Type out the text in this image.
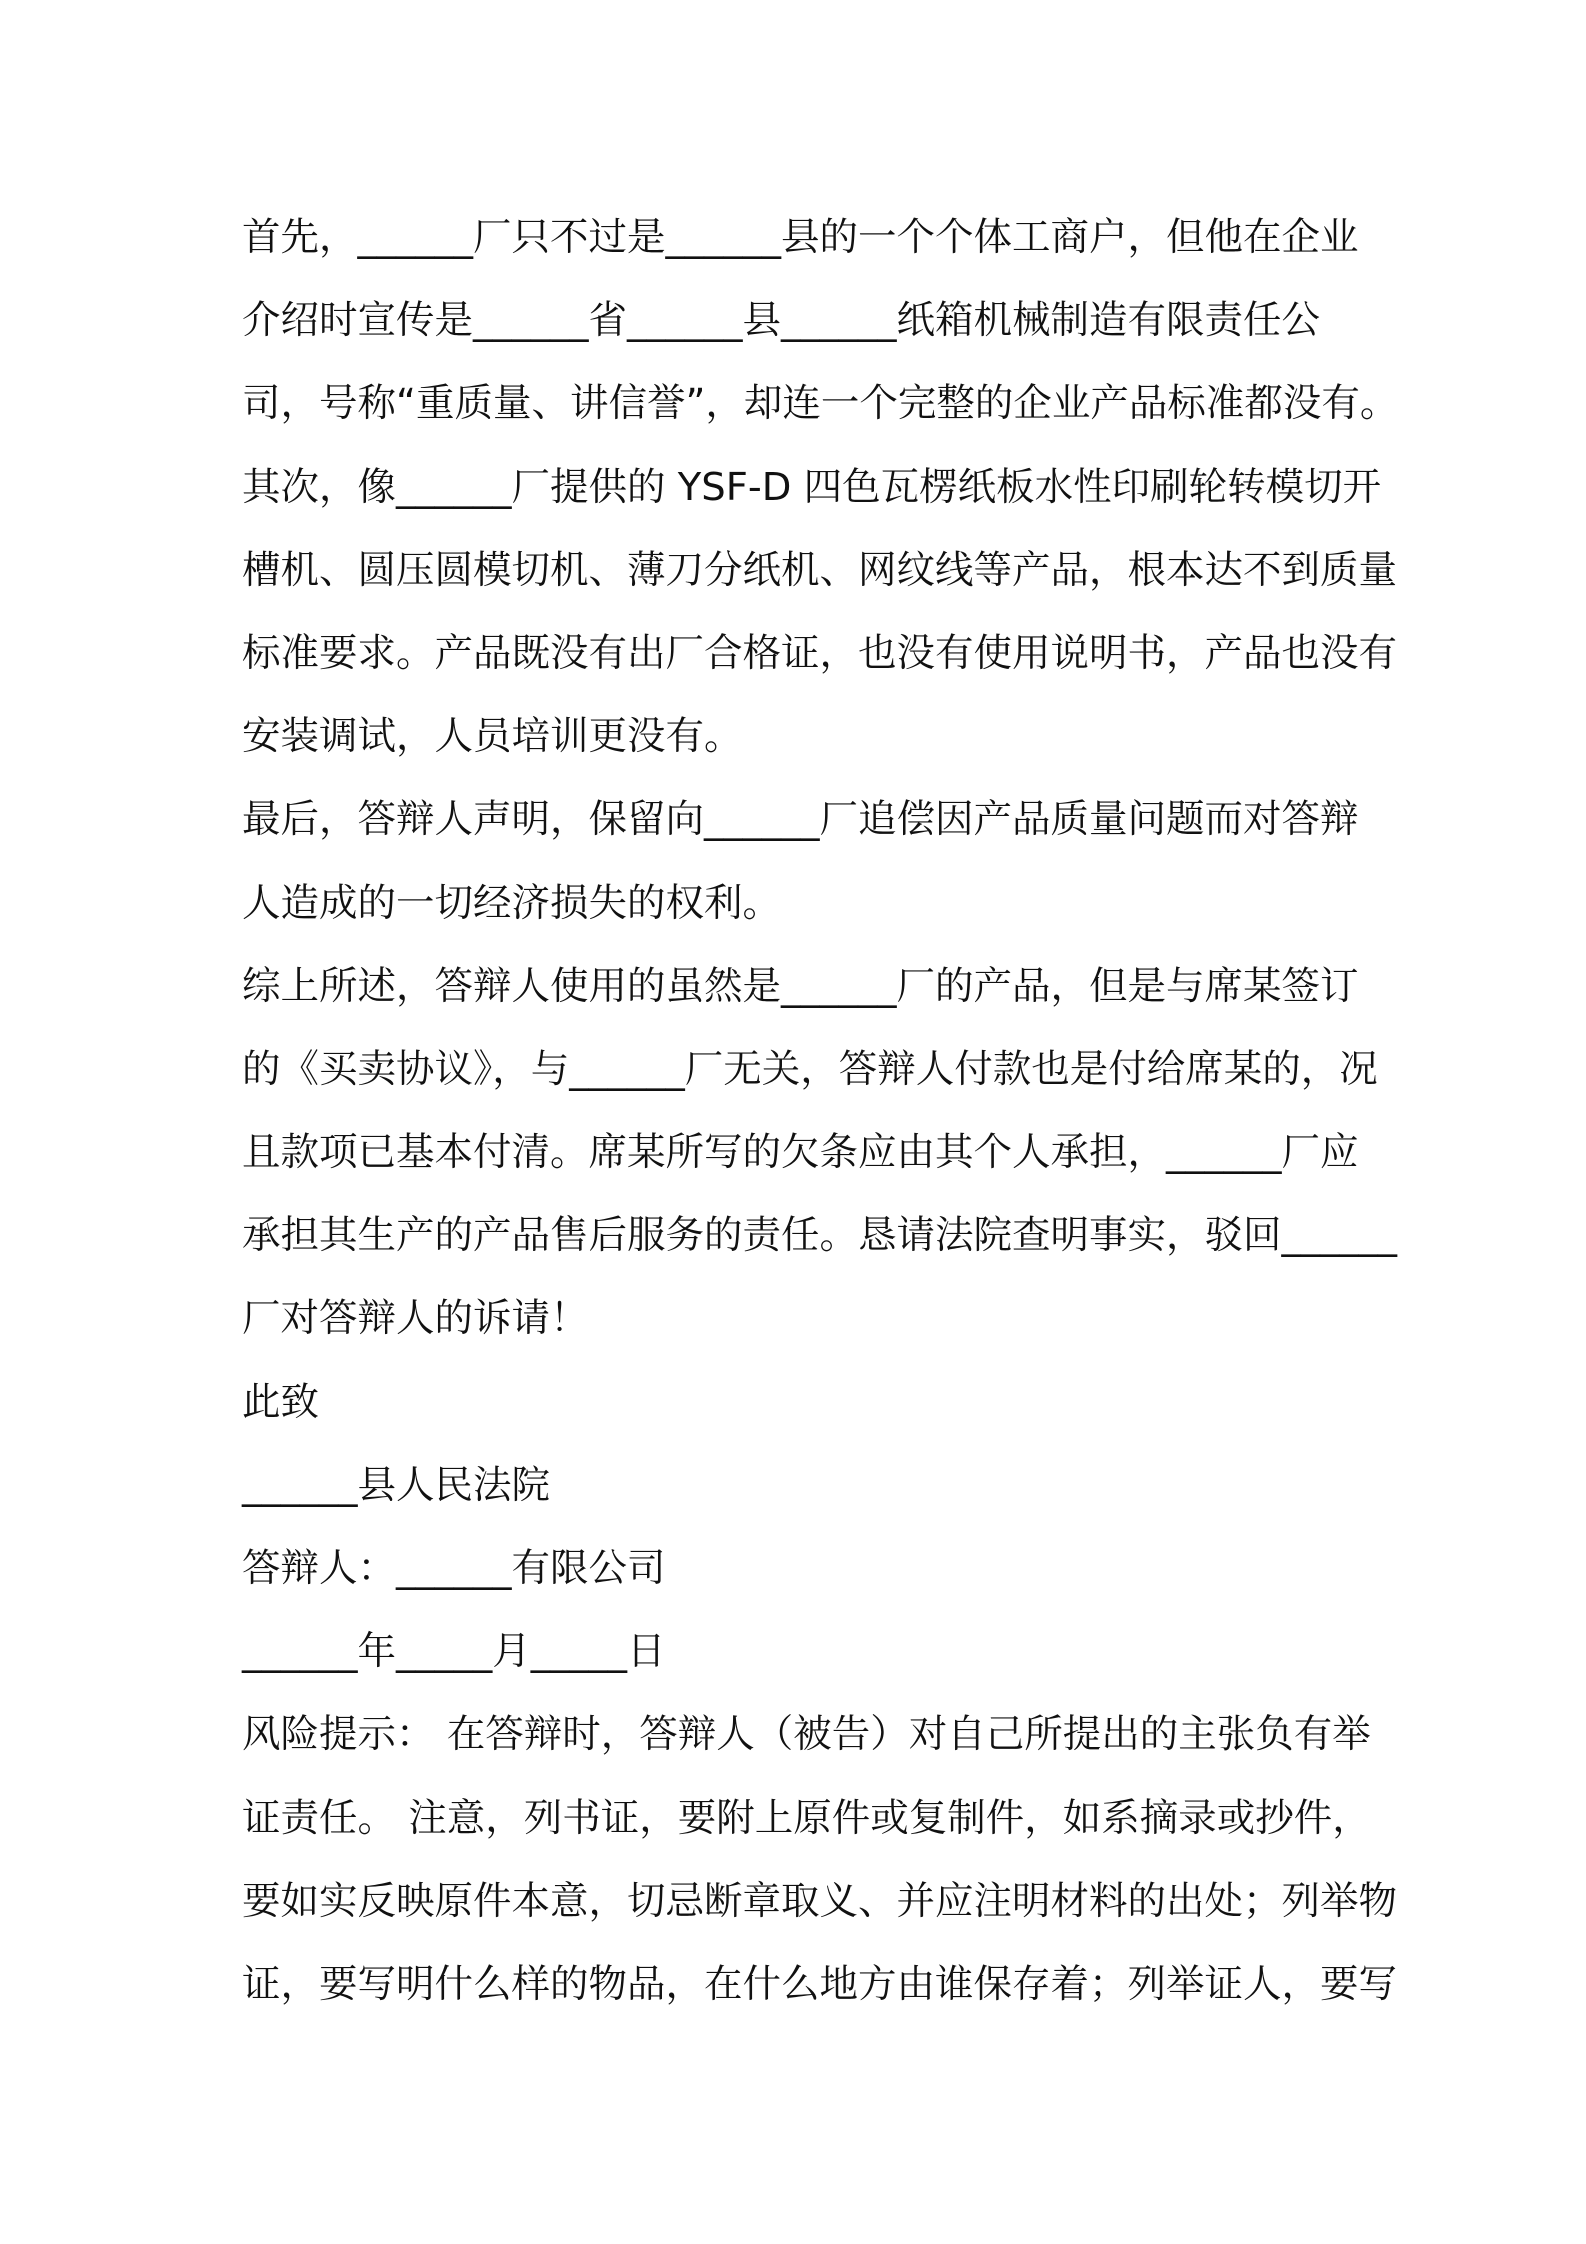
首先，______厂只不过是______县的一个个体工商户，但他在企业
介绍时宣传是______省______县______纸箱机械制造有限责任公
司，号称“重质量、讲信誉”，却连一个完整的企业产品标准都没有。
其次，像______厂提供的 YSF-D 四色瓦楞纸板水性印刷轮转模切开
槽机、圆压圆模切机、薄刀分纸机、网纹线等产品，根本达不到质量
标准要求。产品既没有出厂合格证，也没有使用说明书，产品也没有
安装调试，人员培训更没有。
最后，答辩人声明，保留向______厂追偿因产品质量问题而对答辩
人造成的一切经济损失的权利。
综上所述，答辩人使用的虽然是______厂的产品，但是与席某签订
的《买卖协议》，与______厂无关，答辩人付款也是付给席某的，况
且款项已基本付清。席某所写的欠条应由其个人承担，______厂应
承担其生产的产品售后服务的责任。恳请法院查明事实，驳回______
厂对答辩人的诉请！
此致
______县人民法院
答辩人：______有限公司
______年_____月_____日
风险提示： 在答辩时，答辩人（被告）对自己所提出的主张负有举
证责任。 注意，列书证，要附上原件或复制件，如系摘录或抄件，
要如实反映原件本意，切忌断章取义、并应注明材料的出处；列举物
证，要写明什么样的物品，在什么地方由谁保存着；列举证人，要写
